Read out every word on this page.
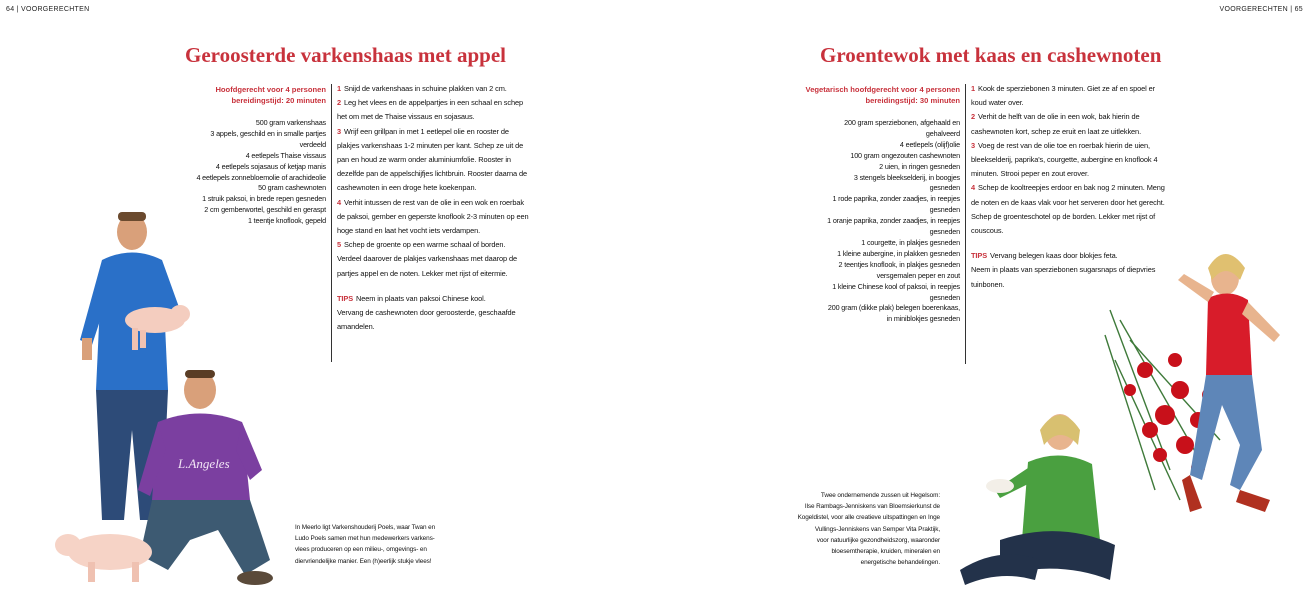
64 | VOORGERECHTEN	VOORGERECHTEN | 65
Geroosterde varkenshaas met appel
Hoofdgerecht voor 4 personen
bereidingstijd: 20 minuten
500 gram varkenshaas
3 appels, geschild en in smalle partjes
verdeeld
4 eetlepels Thaise vissaus
4 eetlepels sojasaus of ketjap manis
4 eetlepels zonnebloemolie of arachideolie
50 gram cashewnoten
1 struik paksoi, in brede repen gesneden
2 cm gemberwortel, geschild en geraspt
1 teentje knoflook, gepeld

1 Snijd de varkenshaas in schuine plakken van 2 cm.

2 Leg het vlees en de appelpartjes in een schaal en schep het om met de Thaise vissaus en sojasaus.

3 Wrijf een grillpan in met 1 eetlepel olie en rooster de plakjes varkenshaas 1-2 minuten per kant. Schep ze uit de pan en houd ze warm onder aluminiumfolie. Rooster in dezelfde pan de appelschijfjes lichtbruin. Rooster daarna de cashewnoten in een droge hete koekenpan.

4 Verhit intussen de rest van de olie in een wok en roerbak de paksoi, gember en geperste knoflook 2-3 minuten op een hoge stand en laat het vocht iets verdampen.

5 Schep de groente op een warme schaal of borden. Verdeel daarover de plakjes varkenshaas met daarop de partjes appel en de noten. Lekker met rijst of eitermie.

TIPS Neem in plaats van paksoi Chinese kool.
Vervang de cashewnoten door geroosterde, geschaafde amandelen.

L.Angeles
In Meerlo ligt Varkenshouderij Poels, waar Twan en
Ludo Poels samen met hun medewerkers varkens-
vlees produceren op een milieu-, omgevings- en
diervriendelijke manier. Een (h)eerlijk stukje vlees!
Groentewok met kaas en cashewnoten
Vegetarisch hoofdgerecht voor 4 personen
bereidingstijd: 30 minuten
200 gram sperziebonen, afgehaald en
gehalveerd
4 eetlepels (olijf)olie
100 gram ongezouten cashewnoten
2 uien, in ringen gesneden
3 stengels bleekselderij, in boogjes
gesneden
1 rode paprika, zonder zaadjes, in reepjes
gesneden
1 oranje paprika, zonder zaadjes, in reepjes
gesneden
1 courgette, in plakjes gesneden
1 kleine aubergine, in plakken gesneden
2 teentjes knoflook, in plakjes gesneden
versgemalen peper en zout
1 kleine Chinese kool of paksoi, in reepjes
gesneden
200 gram (dikke plak) belegen boerenkaas,
in miniblokjes gesneden

1 Kook de sperziebonen 3 minuten. Giet ze af en spoel er koud water over.

2 Verhit de helft van de olie in een wok, bak hierin de cashewnoten kort, schep ze eruit en laat ze uitlekken.

3 Voeg de rest van de olie toe en roerbak hierin de uien, bleekselderij, paprika's, courgette, aubergine en knoflook 4 minuten. Strooi peper en zout erover.

4 Schep de kooltreepjes erdoor en bak nog 2 minuten. Meng de noten en de kaas vlak voor het serveren door het gerecht. Schep de groenteschotel op de borden. Lekker met rijst of couscous.

TIPS Vervang belegen kaas door blokjes feta.
Neem in plaats van sperziebonen sugarsnaps of diepvries tuinbonen.

Twee ondernemende zussen uit Hegelsom:
Ilse Rambags-Jenniskens van Bloemsierkunst de
Kogeldistel, voor alle creatieve uitspattingen en Inge
Vullings-Jenniskens van Semper Vita Praktijk,
voor natuurlijke gezondheidszorg, waaronder
bloesemtherapie, kruiden, mineralen en
energetische behandelingen.
